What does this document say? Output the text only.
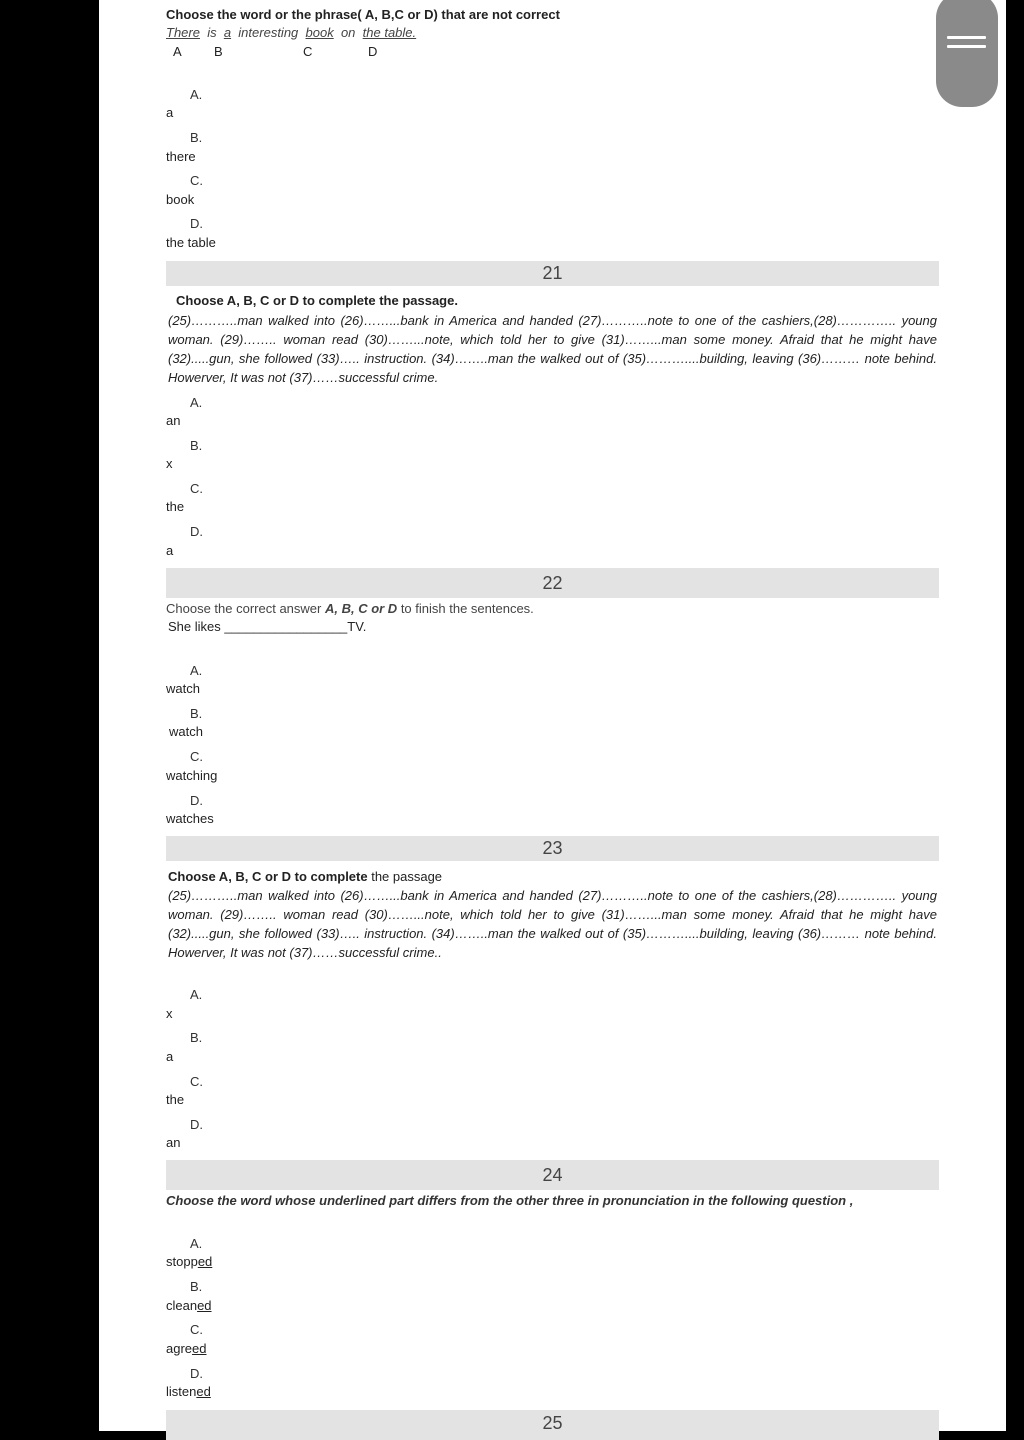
Choose the word or the phrase( A, B,C or D) that are not correct
There is a interesting book on the table.
A B	C	D
A.
a
B.
there
C.
book
D.
the table
21
Choose A, B, C or D to complete the passage.
(25)………..man walked into (26)……...bank in America and handed (27)………..note to one of the cashiers,(28)………….. young woman. (29)…….. woman read (30)……...note, which told her to give (31)……...man some money. Afraid that he might have (32).....gun, she followed (33)….. instruction. (34)……..man the walked out of (35)………....building, leaving (36)……… note behind. Howerver, It was not (37)……successful crime.
A.
an
B.
x
C.
the
D.
a
22
Choose the correct answer A, B, C or D to finish the sentences.
She likes _________________TV.
A.
watch
B.
watch
C.
watching
D.
watches
23
Choose A, B, C or D to complete the passage
(25)………..man walked into (26)……...bank in America and handed (27)………..note to one of the cashiers,(28)………….. young woman. (29)…….. woman read (30)……...note, which told her to give (31)……...man some money. Afraid that he might have (32).....gun, she followed (33)….. instruction. (34)……..man the walked out of (35)………....building, leaving (36)……… note behind. Howerver, It was not (37)……successful crime..
A.
x
B.
a
C.
the
D.
an
24
Choose the word whose underlined part differs from the other three in pronunciation in the following question ,
A.
stopped
B.
cleaned
C.
agreed
D.
listened
25
